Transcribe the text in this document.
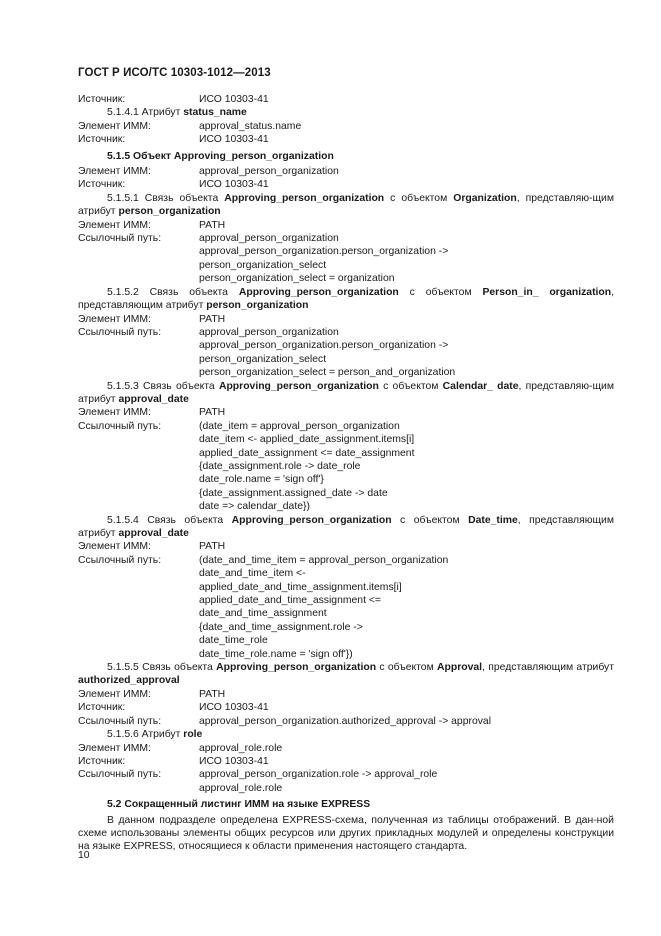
ГОСТ Р ИСО/ТС 10303-1012—2013
Источник:	ИСО 10303-41
5.1.4.1 Атрибут status_name
Элемент ИММ:	approval_status.name
Источник:	ИСО 10303-41
5.1.5 Объект Approving_person_organization
Элемент ИММ:	approval_person_organization
Источник:	ИСО 10303-41
5.1.5.1 Связь объекта Approving_person_organization с объектом Organization, представляю-щим атрибут person_organization
Элемент ИММ:	PATH
Ссылочный путь:	approval_person_organization
approval_person_organization.person_organization ->
person_organization_select
person_organization_select = organization
5.1.5.2 Связь объекта Approving_person_organization с объектом Person_in_ organization, представляющим атрибут person_organization
Элемент ИММ:	PATH
Ссылочный путь:	approval_person_organization
approval_person_organization.person_organization ->
person_organization_select
person_organization_select = person_and_organization
5.1.5.3 Связь объекта Approving_person_organization с объектом Calendar_ date, представляю-щим атрибут approval_date
Элемент ИММ:	PATH
Ссылочный путь:	(date_item = approval_person_organization
date_item <- applied_date_assignment.items[i]
applied_date_assignment <= date_assignment
{date_assignment.role -> date_role
date_role.name = 'sign off'}
{date_assignment.assigned_date -> date
date => calendar_date})
5.1.5.4 Связь объекта Approving_person_organization с объектом Date_time, представляющим атрибут approval_date
Элемент ИММ:	PATH
Ссылочный путь:	(date_and_time_item = approval_person_organization
date_and_time_item <-
applied_date_and_time_assignment.items[i]
applied_date_and_time_assignment <=
date_and_time_assignment
{date_and_time_assignment.role ->
date_time_role
date_time_role.name = 'sign off'})
5.1.5.5 Связь объекта Approving_person_organization с объектом Approval, представляющим атрибут authorized_approval
Элемент ИММ:	PATH
Источник:	ИСО 10303-41
Ссылочный путь:	approval_person_organization.authorized_approval -> approval
5.1.5.6 Атрибут role
Элемент ИММ:	approval_role.role
Источник:	ИСО 10303-41
Ссылочный путь:	approval_person_organization.role -> approval_role
approval_role.role
5.2 Сокращенный листинг ИММ на языке EXPRESS
В данном подразделе определена EXPRESS-схема, полученная из таблицы отображений. В дан-ной схеме использованы элементы общих ресурсов или других прикладных модулей и определены конструкции на языке EXPRESS, относящиеся к области применения настоящего стандарта.
10
